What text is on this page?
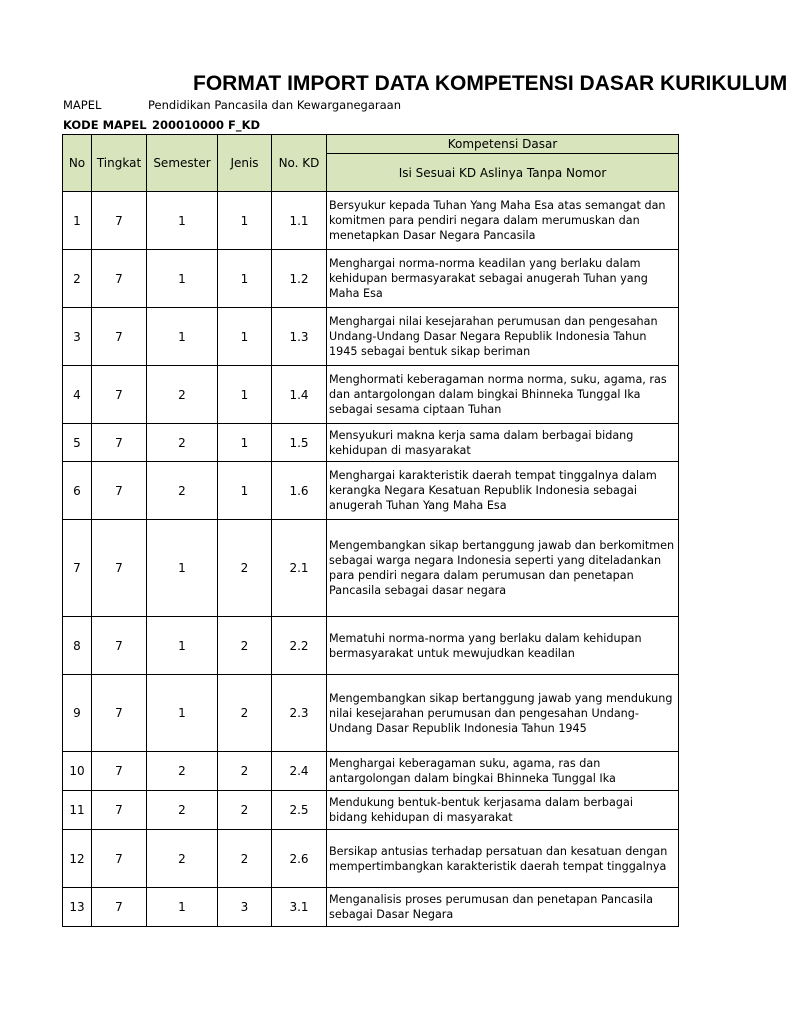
FORMAT IMPORT DATA KOMPETENSI DASAR KURIKULUM
MAPEL	Pendidikan Pancasila dan Kewarganegaraan
KODE MAPEL 200010000 F_KD
No	Tingkat	Semester	Jenis	No. KD	Kompetensi Dasar
					Isi Sesuai KD Aslinya Tanpa Nomor
1	7	1	1	1.1	Bersyukur kepada Tuhan Yang Maha Esa atas semangat dan
komitmen para pendiri negara dalam merumuskan dan
menetapkan Dasar Negara Pancasila

2	7	1	1	1.2	Menghargai norma-norma keadilan yang berlaku dalam
kehidupan bermasyarakat sebagai anugerah Tuhan yang
Maha Esa

3	7	1	1	1.3	Menghargai nilai kesejarahan perumusan dan pengesahan
Undang-Undang Dasar Negara Republik Indonesia Tahun
1945 sebagai bentuk sikap beriman

4	7	2	1	1.4	Menghormati keberagaman norma norma, suku, agama, ras
dan antargolongan dalam bingkai Bhinneka Tunggal Ika
sebagai sesama ciptaan Tuhan

5	7	2	1	1.5	Mensyukuri makna kerja sama dalam berbagai bidang
kehidupan di masyarakat

6	7	2	1	1.6	Menghargai karakteristik daerah tempat tinggalnya dalam
kerangka Negara Kesatuan Republik Indonesia sebagai
anugerah Tuhan Yang Maha Esa

7	7	1	2	2.1	Mengembangkan sikap bertanggung jawab dan berkomitmen
sebagai warga negara Indonesia seperti yang diteladankan
para pendiri negara dalam perumusan dan penetapan
Pancasila sebagai dasar negara

8	7	1	2	2.2	Mematuhi norma-norma yang berlaku dalam kehidupan
bermasyarakat untuk mewujudkan keadilan

9	7	1	2	2.3	Mengembangkan sikap bertanggung jawab yang mendukung
nilai kesejarahan perumusan dan pengesahan Undang-
Undang Dasar Republik Indonesia Tahun 1945

10	7	2	2	2.4	Menghargai keberagaman suku, agama, ras dan
antargolongan dalam bingkai Bhinneka Tunggal Ika

11	7	2	2	2.5	Mendukung bentuk-bentuk kerjasama dalam berbagai
bidang kehidupan di masyarakat

12	7	2	2	2.6	Bersikap antusias terhadap persatuan dan kesatuan dengan
mempertimbangkan karakteristik daerah tempat tinggalnya

13	7	1	3	3.1	Menganalisis proses perumusan dan penetapan Pancasila
sebagai Dasar Negara
